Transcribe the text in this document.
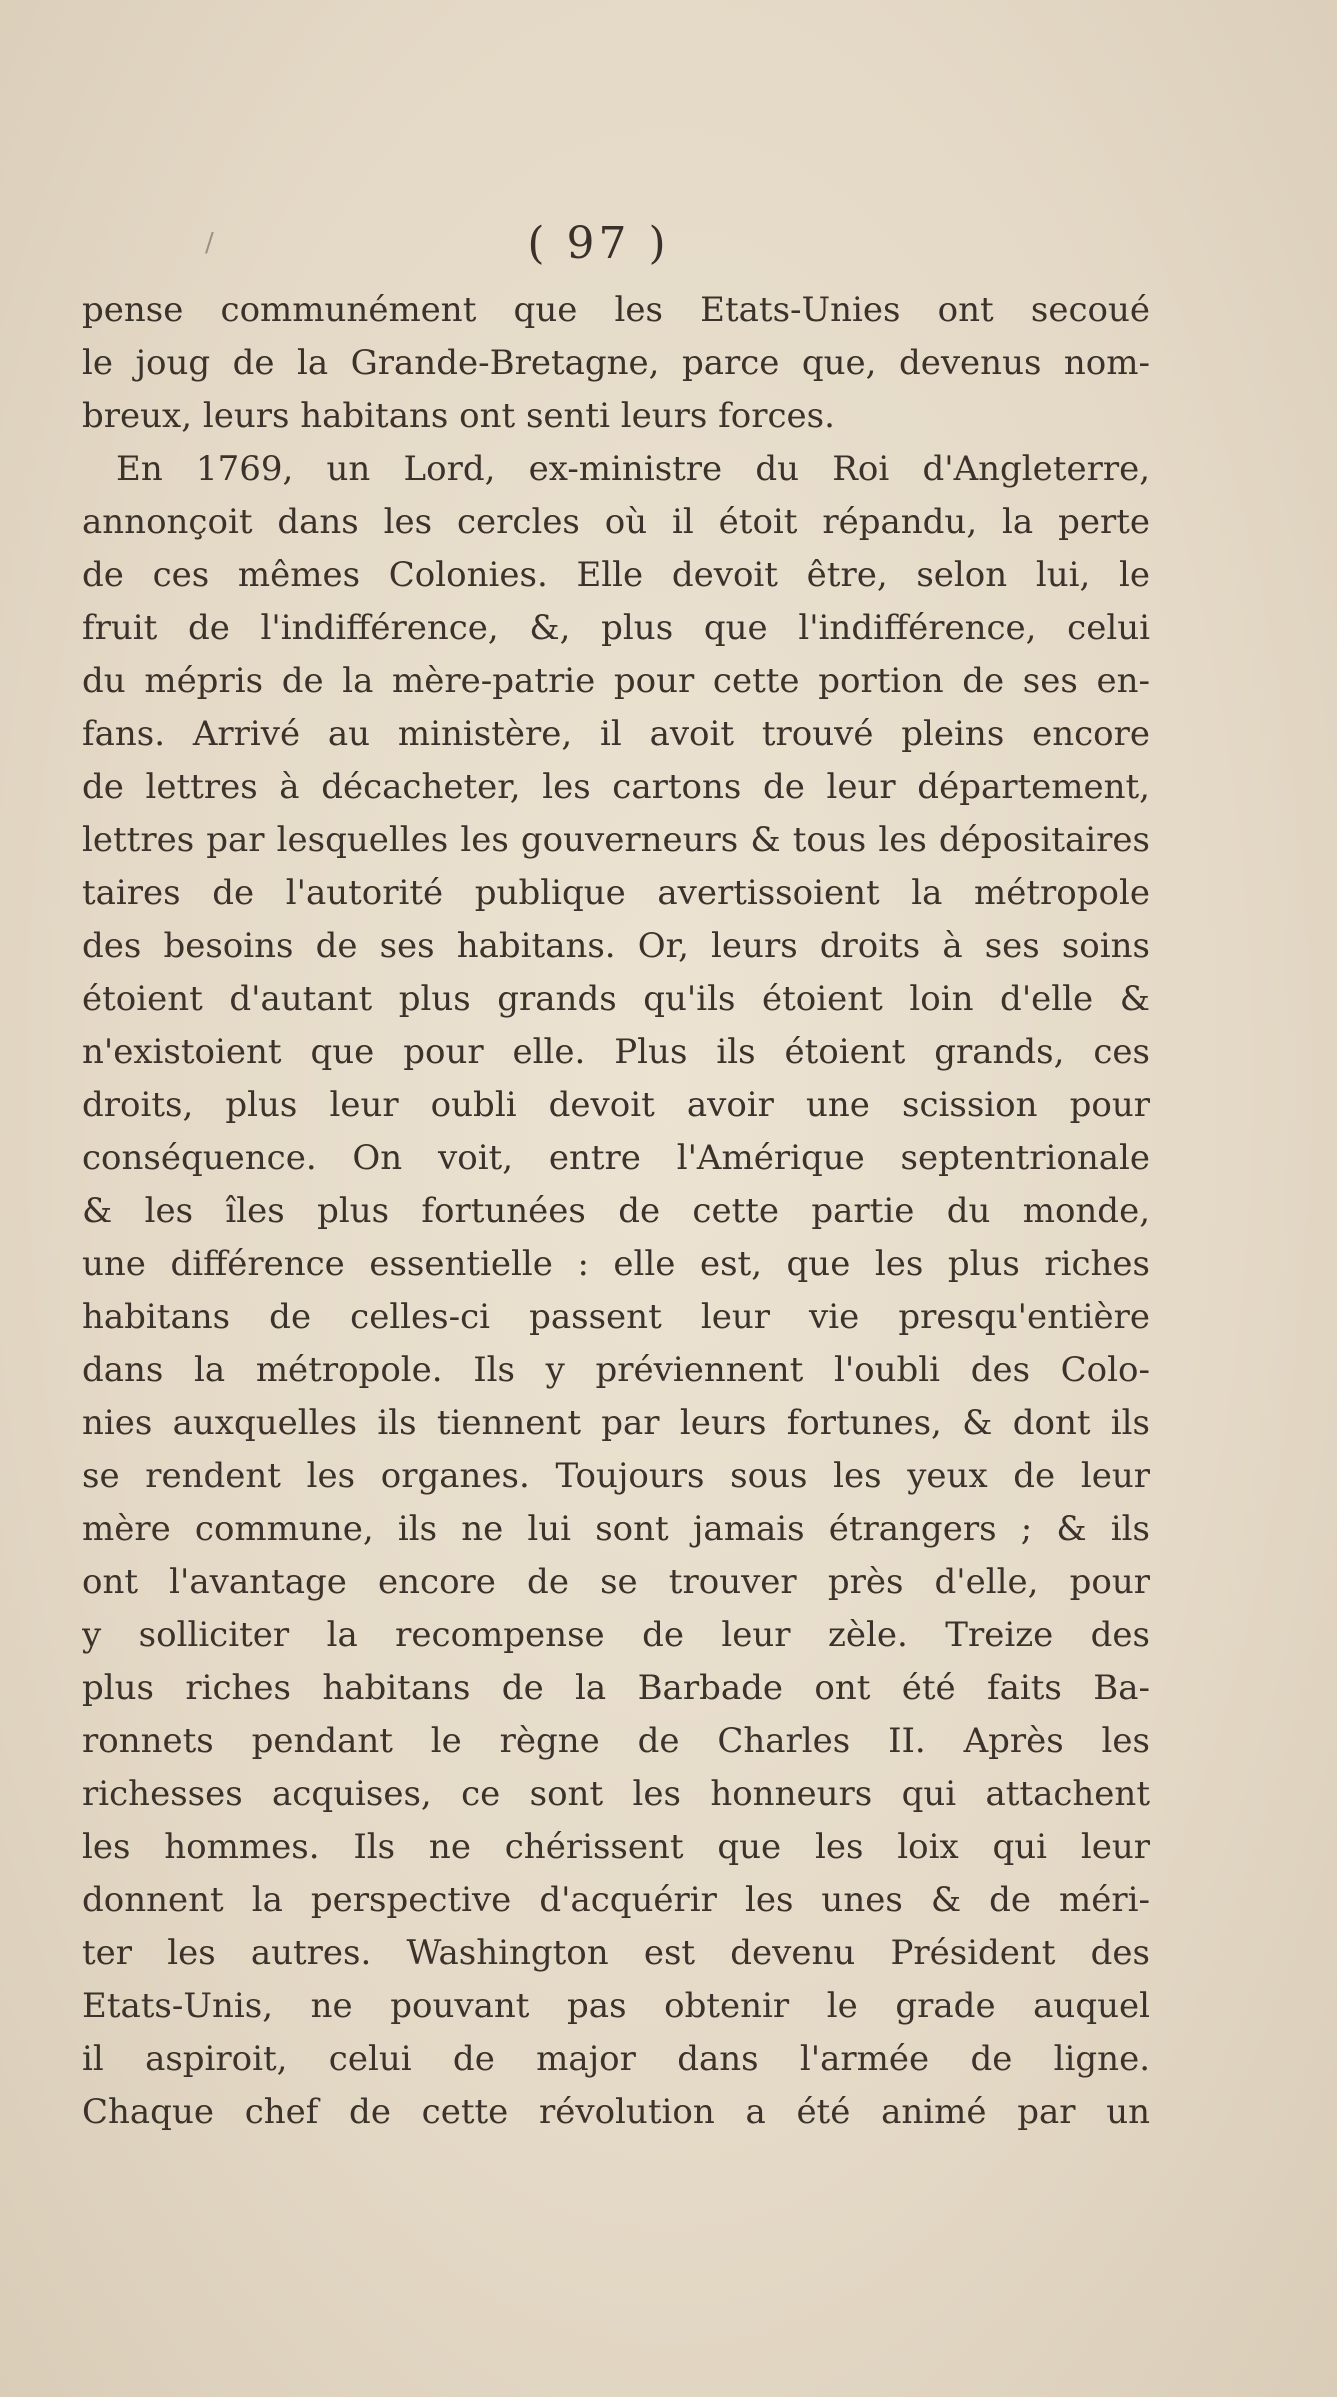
/	( 97 )
pense communément que les Etats-Unies ont secoué
le joug de la Grande-Bretagne, parce que, devenus nom-
breux, leurs habitans ont senti leurs forces.
En 1769, un Lord, ex-ministre du Roi d'Angleterre,
annonçoit dans les cercles où il étoit répandu, la perte
de ces mêmes Colonies. Elle devoit être, selon lui, le
fruit de l'indifférence, &, plus que l'indifférence, celui
du mépris de la mère-patrie pour cette portion de ses en-
fans. Arrivé au ministère, il avoit trouvé pleins encore
de lettres à décacheter, les cartons de leur département,
lettres par lesquelles les gouverneurs & tous les dépositaires
taires de l'autorité publique avertissoient la métropole
des besoins de ses habitans. Or, leurs droits à ses soins
étoient d'autant plus grands qu'ils étoient loin d'elle &
n'existoient que pour elle. Plus ils étoient grands, ces
droits, plus leur oubli devoit avoir une scission pour
conséquence. On voit, entre l'Amérique septentrionale
& les îles plus fortunées de cette partie du monde,
une différence essentielle : elle est, que les plus riches
habitans de celles-ci passent leur vie presqu'entière
dans la métropole. Ils y préviennent l'oubli des Colo-
nies auxquelles ils tiennent par leurs fortunes, & dont ils
se rendent les organes. Toujours sous les yeux de leur
mère commune, ils ne lui sont jamais étrangers ; & ils
ont l'avantage encore de se trouver près d'elle, pour
y solliciter la recompense de leur zèle. Treize des
plus riches habitans de la Barbade ont été faits Ba-
ronnets pendant le règne de Charles II. Après les
richesses acquises, ce sont les honneurs qui attachent
les hommes. Ils ne chérissent que les loix qui leur
donnent la perspective d'acquérir les unes & de méri-
ter les autres. Washington est devenu Président des
Etats-Unis, ne pouvant pas obtenir le grade auquel
il aspiroit, celui de major dans l'armée de ligne.
Chaque chef de cette révolution a été animé par un
